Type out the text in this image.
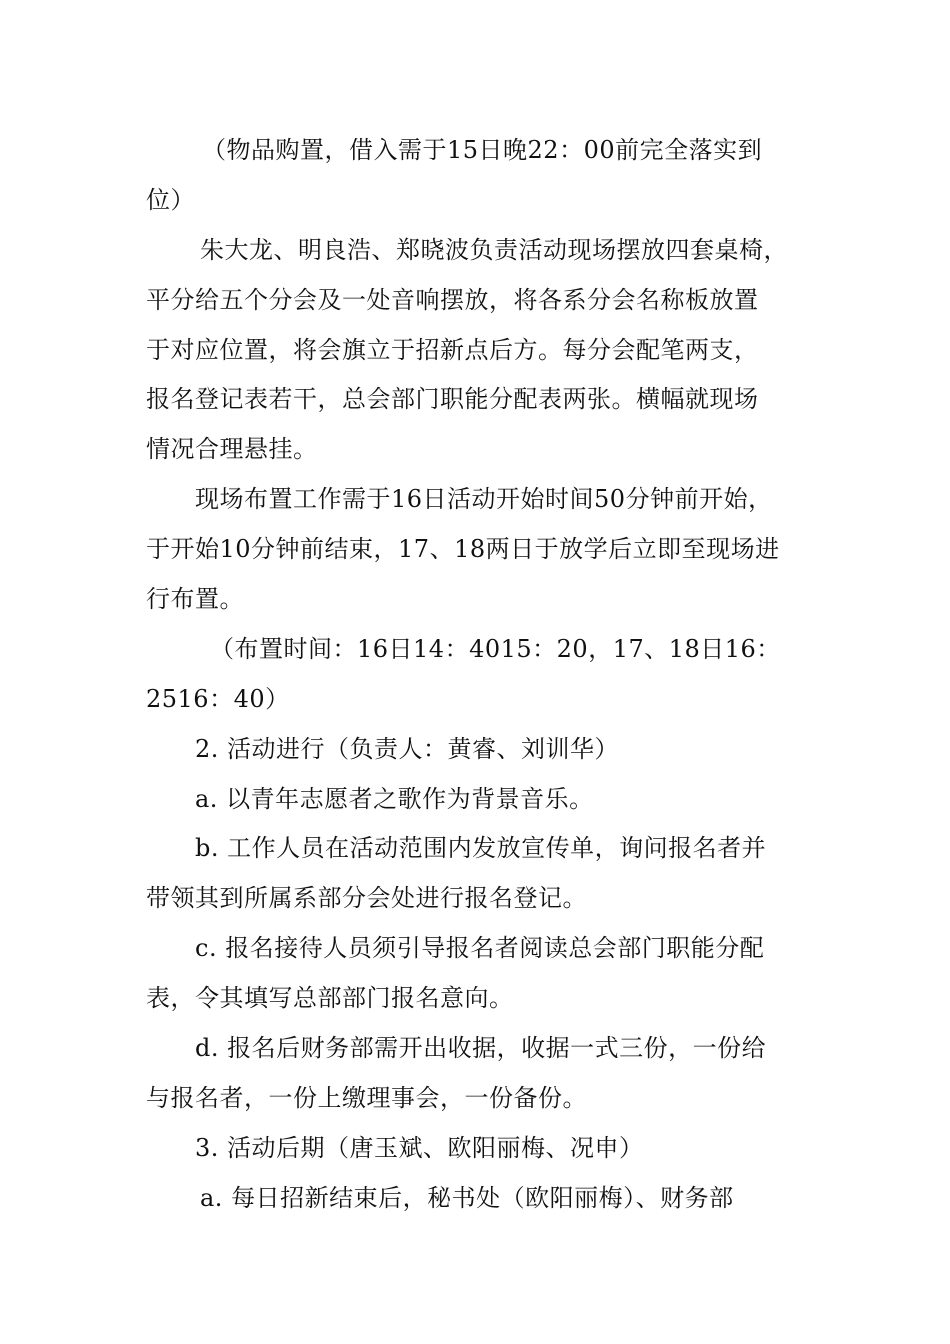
（物品购置，借入需于15日晚22：00前完全落实到
位）
朱大龙、明良浩、郑晓波负责活动现场摆放四套桌椅，
平分给五个分会及一处音响摆放，将各系分会名称板放置
于对应位置，将会旗立于招新点后方。每分会配笔两支，
报名登记表若干，总会部门职能分配表两张。横幅就现场
情况合理悬挂。
现场布置工作需于16日活动开始时间50分钟前开始，
于开始10分钟前结束，17、18两日于放学后立即至现场进
行布置。
（布置时间：16日14：4015：20，17、18日16：
2516：40）
2. 活动进行（负责人：黄睿、刘训华）
a. 以青年志愿者之歌作为背景音乐。
b. 工作人员在活动范围内发放宣传单，询问报名者并
带领其到所属系部分会处进行报名登记。
c. 报名接待人员须引导报名者阅读总会部门职能分配
表，令其填写总部部门报名意向。
d. 报名后财务部需开出收据，收据一式三份，一份给
与报名者，一份上缴理事会，一份备份。
3. 活动后期（唐玉斌、欧阳丽梅、况申）
a. 每日招新结束后，秘书处（欧阳丽梅）、财务部
